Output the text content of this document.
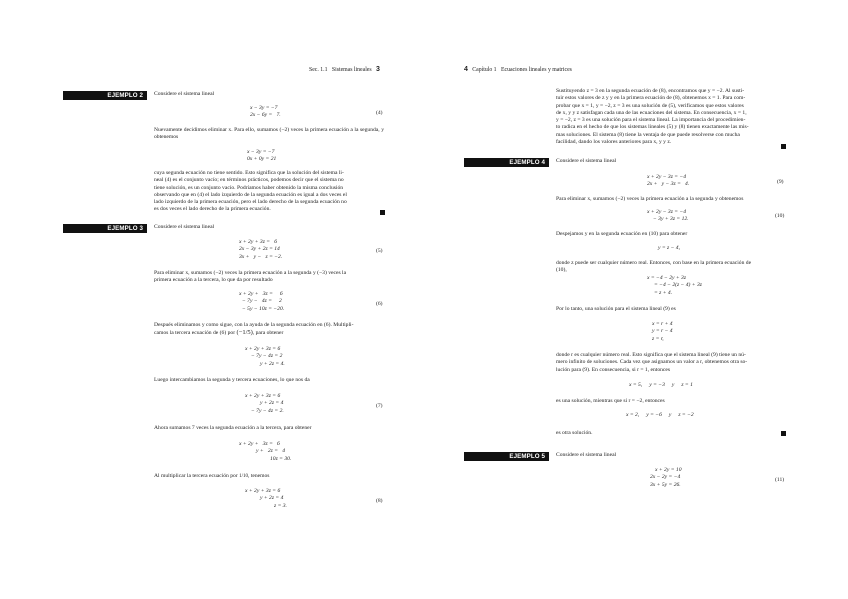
Sec. 1.1 Sistemas lineales 3
EJEMPLO 2	Considere el sistema lineal
x − 3y = −7
2x − 6y =   7.	(4)
Nuevamente decidimos eliminar x. Para ello, sumamos (−2) veces la primera ecuación a la segunda, y obtenemos
x − 3y = −7
0x + 0y = 21
cuya segunda ecuación no tiene sentido. Esto significa que la solución del sistema li-
neal (4) es el conjunto vacío; en términos prácticos, podemos decir que el sistema no
tiene solución, es un conjunto vacío. Podríamos haber obtenido la misma conclusión
observando que en (4) el lado izquierdo de la segunda ecuación es igual a dos veces el
lado izquierdo de la primera ecuación, pero el lado derecho de la segunda ecuación no
es dos veces el lado derecho de la primera ecuación.
EJEMPLO 3	Considere el sistema lineal
x + 2y + 3z =   6
2x − 3y + 2z = 14
3x +   y −   z = −2.
(5)
Para eliminar x, sumamos (−2) veces la primera ecuación a la segunda y (−3) veces la
primera ecuación a la tercera, lo que da por resultado
x + 2y +   3z =     6
− 7y −   4z =     2
− 5y − 10z = −20.
(6)
Después eliminamos y como sigue, con la ayuda de la segunda ecuación en (6). Multipli-
camos la tercera ecuación de (6) por (−1/5), para obtener
x + 2y + 3z = 6
− 7y − 4z = 2
y + 2z = 4.
Luego intercambiamos la segunda y tercera ecuaciones, lo que nos da
x + 2y + 3z = 6
y + 2z = 4
− 7y − 4z = 2.
(7)
Ahora sumamos 7 veces la segunda ecuación a la tercera, para obtener
x + 2y +   3z =   6
y +   2z =   4
10z = 30.
Al multiplicar la tercera ecuación por 1/10, tenemos
x + 2y + 3z = 6
y + 2z = 4
z = 3.
(8)
4 Capítulo 1 Ecuaciones lineales y matrices
Sustituyendo z = 3 en la segunda ecuación de (8), encontramos que y = −2. Al susti-
tuir estos valores de z y y en la primera ecuación de (8), obtenemos x = 1. Para com-
probar que x = 1, y = −2, z = 3 es una solución de (5), verificamos que estos valores
de x, y y z satisfagan cada una de las ecuaciones del sistema. En consecuencia, x = 1,
y = −2, z = 3 es una solución para el sistema lineal. La importancia del procedimien-
to radica en el hecho de que los sistemas lineales (5) y (8) tienen exactamente las mis-
mas soluciones. El sistema (8) tiene la ventaja de que puede resolverse con mucha
facilidad, dando los valores anteriores para x, y y z.
EJEMPLO 4	Considere el sistema lineal
x + 2y − 3z = −4
2x +   y − 3z =   4.	(9)
Para eliminar x, sumamos (−2) veces la primera ecuación a la segunda y obtenemos
x + 2y − 3z = −4
− 3y + 3z = 12.
(10)
Despejamos y en la segunda ecuación en (10) para obtener
y = z − 4,
donde z puede ser cualquier número real. Entonces, con base en la primera ecuación de
(10),
x = −4 − 2y + 3z
= −4 − 2(z − 4) + 3z
= z + 4.
Por lo tanto, una solución para el sistema lineal (9) es
x = r + 4
y = r − 4
z = r,
donde r es cualquier número real. Esto significa que el sistema lineal (9) tiene un nú-
mero infinito de soluciones. Cada vez que asignamos un valor a r, obtenemos otra so-
lución para (9). En consecuencia, si r = 1, entonces
x = 5,     y = −3     y     z = 1
es una solución, mientras que si r = −2, entonces
x = 2,     y = −6     y     z = −2
es otra solución.
EJEMPLO 5	Considere el sistema lineal
x + 2y = 10
2x − 2y = −4
3x + 5y = 26.
(11)
